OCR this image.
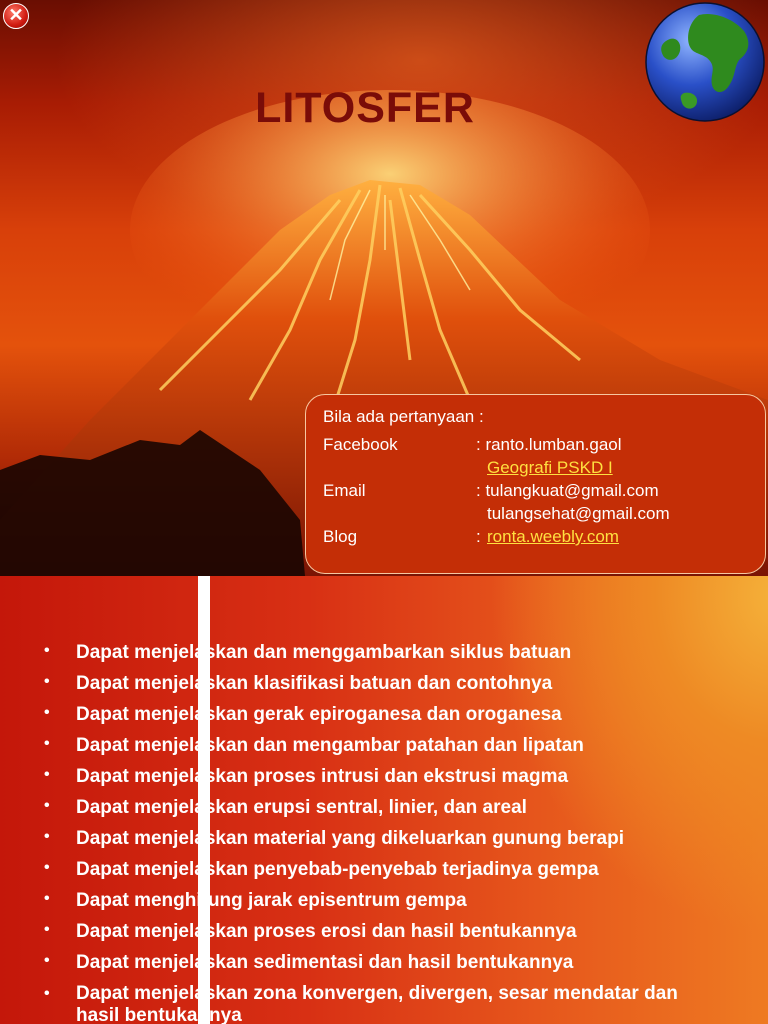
✕
LITOSFER
Bila ada pertanyaan :
Facebook	: ranto.lumban.gaol
Geografi PSKD I
Email	: tulangkuat@gmail.com
tulangsehat@gmail.com
Blog	: ronta.weebly.com
• Dapat menjelaskan dan menggambarkan siklus batuan
• Dapat menjelaskan klasifikasi batuan dan contohnya
• Dapat menjelaskan gerak epiroganesa dan oroganesa
• Dapat menjelaskan dan mengambar patahan dan lipatan
• Dapat menjelaskan proses intrusi dan ekstrusi magma
• Dapat menjelaskan erupsi sentral, linier, dan areal
• Dapat menjelaskan material yang dikeluarkan gunung berapi
• Dapat menjelaskan penyebab-penyebab terjadinya gempa
• Dapat menghitung jarak episentrum gempa
• Dapat menjelaskan proses erosi dan hasil bentukannya
• Dapat menjelaskan sedimentasi dan hasil bentukannya
• Dapat menjelaskan zona konvergen, divergen, sesar mendatar dan hasil bentukannya
